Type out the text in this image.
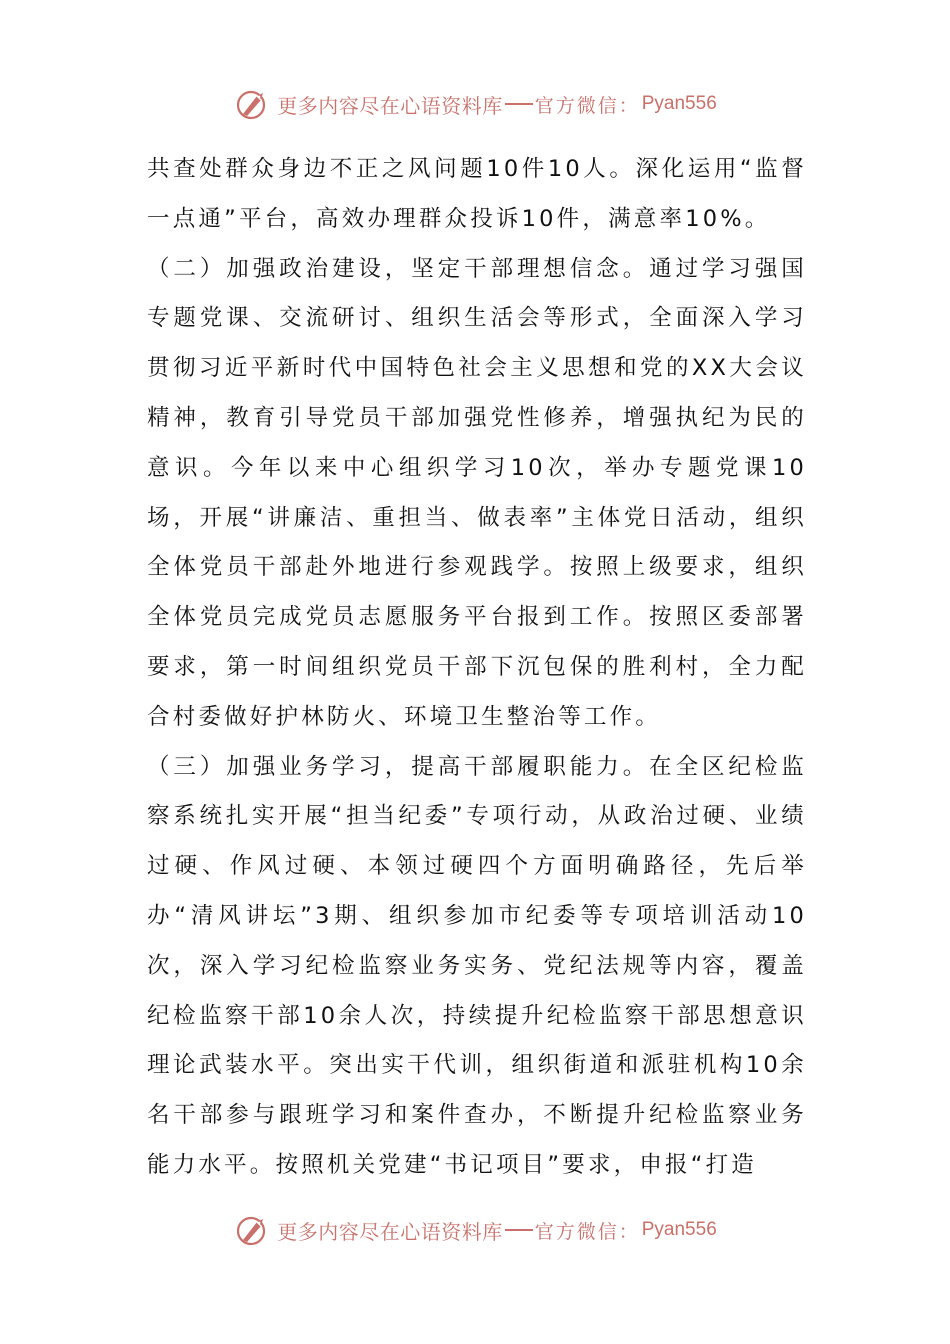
更多内容尽在心语资料库 官方微信： Pyan556

共查处群众身边不正之风问题10件10人。深化运用“监督一点通”平台，高效办理群众投诉10件，满意率10%。

（二）加强政治建设，坚定干部理想信念。通过学习强国专题党课、交流研讨、组织生活会等形式，全面深入学习贯彻习近平新时代中国特色社会主义思想和党的XX大会议精神，教育引导党员干部加强党性修养，增强执纪为民的意识。今年以来中心组织学习10次，举办专题党课10场，开展“讲廉洁、重担当、做表率”主体党日活动，组织全体党员干部赴外地进行参观践学。按照上级要求，组织全体党员完成党员志愿服务平台报到工作。按照区委部署要求，第一时间组织党员干部下沉包保的胜利村，全力配合村委做好护林防火、环境卫生整治等工作。

（三）加强业务学习，提高干部履职能力。在全区纪检监察系统扎实开展“担当纪委”专项行动，从政治过硬、业绩过硬、作风过硬、本领过硬四个方面明确路径，先后举办“清风讲坛”3期、组织参加市纪委等专项培训活动10次，深入学习纪检监察业务实务、党纪法规等内容，覆盖纪检监察干部10余人次，持续提升纪检监察干部思想意识理论武装水平。突出实干代训，组织街道和派驻机构10余名干部参与跟班学习和案件查办，不断提升纪检监察业务能力水平。按照机关党建“书记项目”要求，申报“打造

更多内容尽在心语资料库 官方微信： Pyan556
